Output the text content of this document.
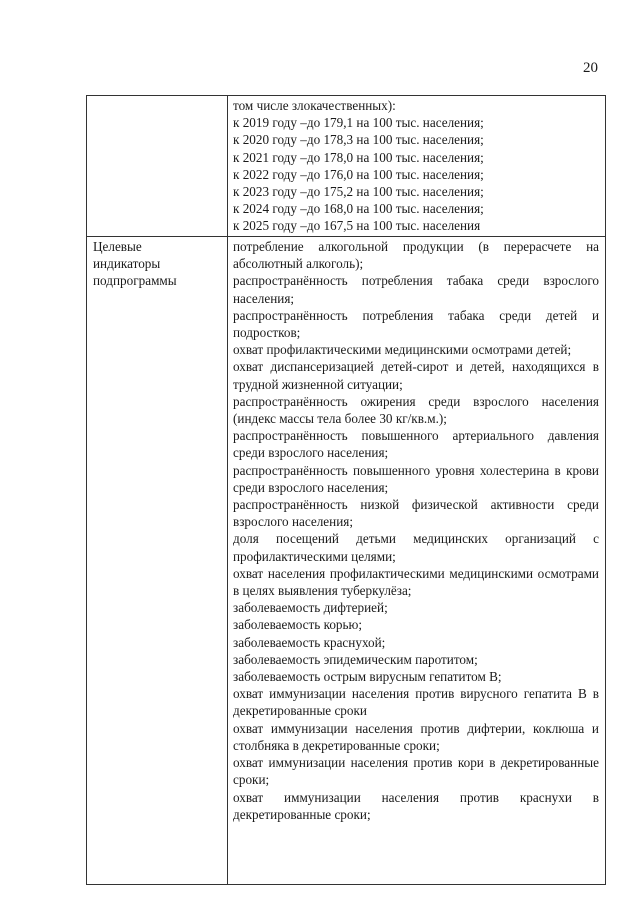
20
том числе злокачественных):
к 2019 году –до 179,1 на 100 тыс. населения;
к 2020 году –до 178,3 на 100 тыс. населения;
к 2021 году –до 178,0 на 100 тыс. населения;
к 2022 году –до 176,0 на 100 тыс. населения;
к 2023 году –до 175,2 на 100 тыс. населения;
к 2024 году –до 168,0 на 100 тыс. населения;
к 2025 году –до 167,5 на 100 тыс. населения
Целевые
индикаторы
подпрограммы
потребление алкогольной продукции (в перерасчете на абсолютный алкоголь);
распространённость потребления табака среди взрослого населения;
распространённость потребления табака среди детей и подростков;
охват профилактическими медицинскими осмотрами детей;
охват диспансеризацией детей-сирот и детей, находящихся в трудной жизненной ситуации;
распространённость ожирения среди взрослого населения (индекс массы тела более 30 кг/кв.м.);
распространённость повышенного артериального давления среди взрослого населения;
распространённость повышенного уровня холестерина в крови среди взрослого населения;
распространённость низкой физической активности среди взрослого населения;
доля посещений детьми медицинских организаций с профилактическими целями;
охват населения профилактическими медицинскими осмотрами в целях выявления туберкулёза;
заболеваемость дифтерией;
заболеваемость корью;
заболеваемость краснухой;
заболеваемость эпидемическим паротитом;
заболеваемость острым вирусным гепатитом В;
охват иммунизации населения против вирусного гепатита В в декретированные сроки
охват иммунизации населения против дифтерии, коклюша и столбняка в декретированные сроки;
охват иммунизации населения против кори в декретированные сроки;
охват иммунизации населения против краснухи в декретированные сроки;
